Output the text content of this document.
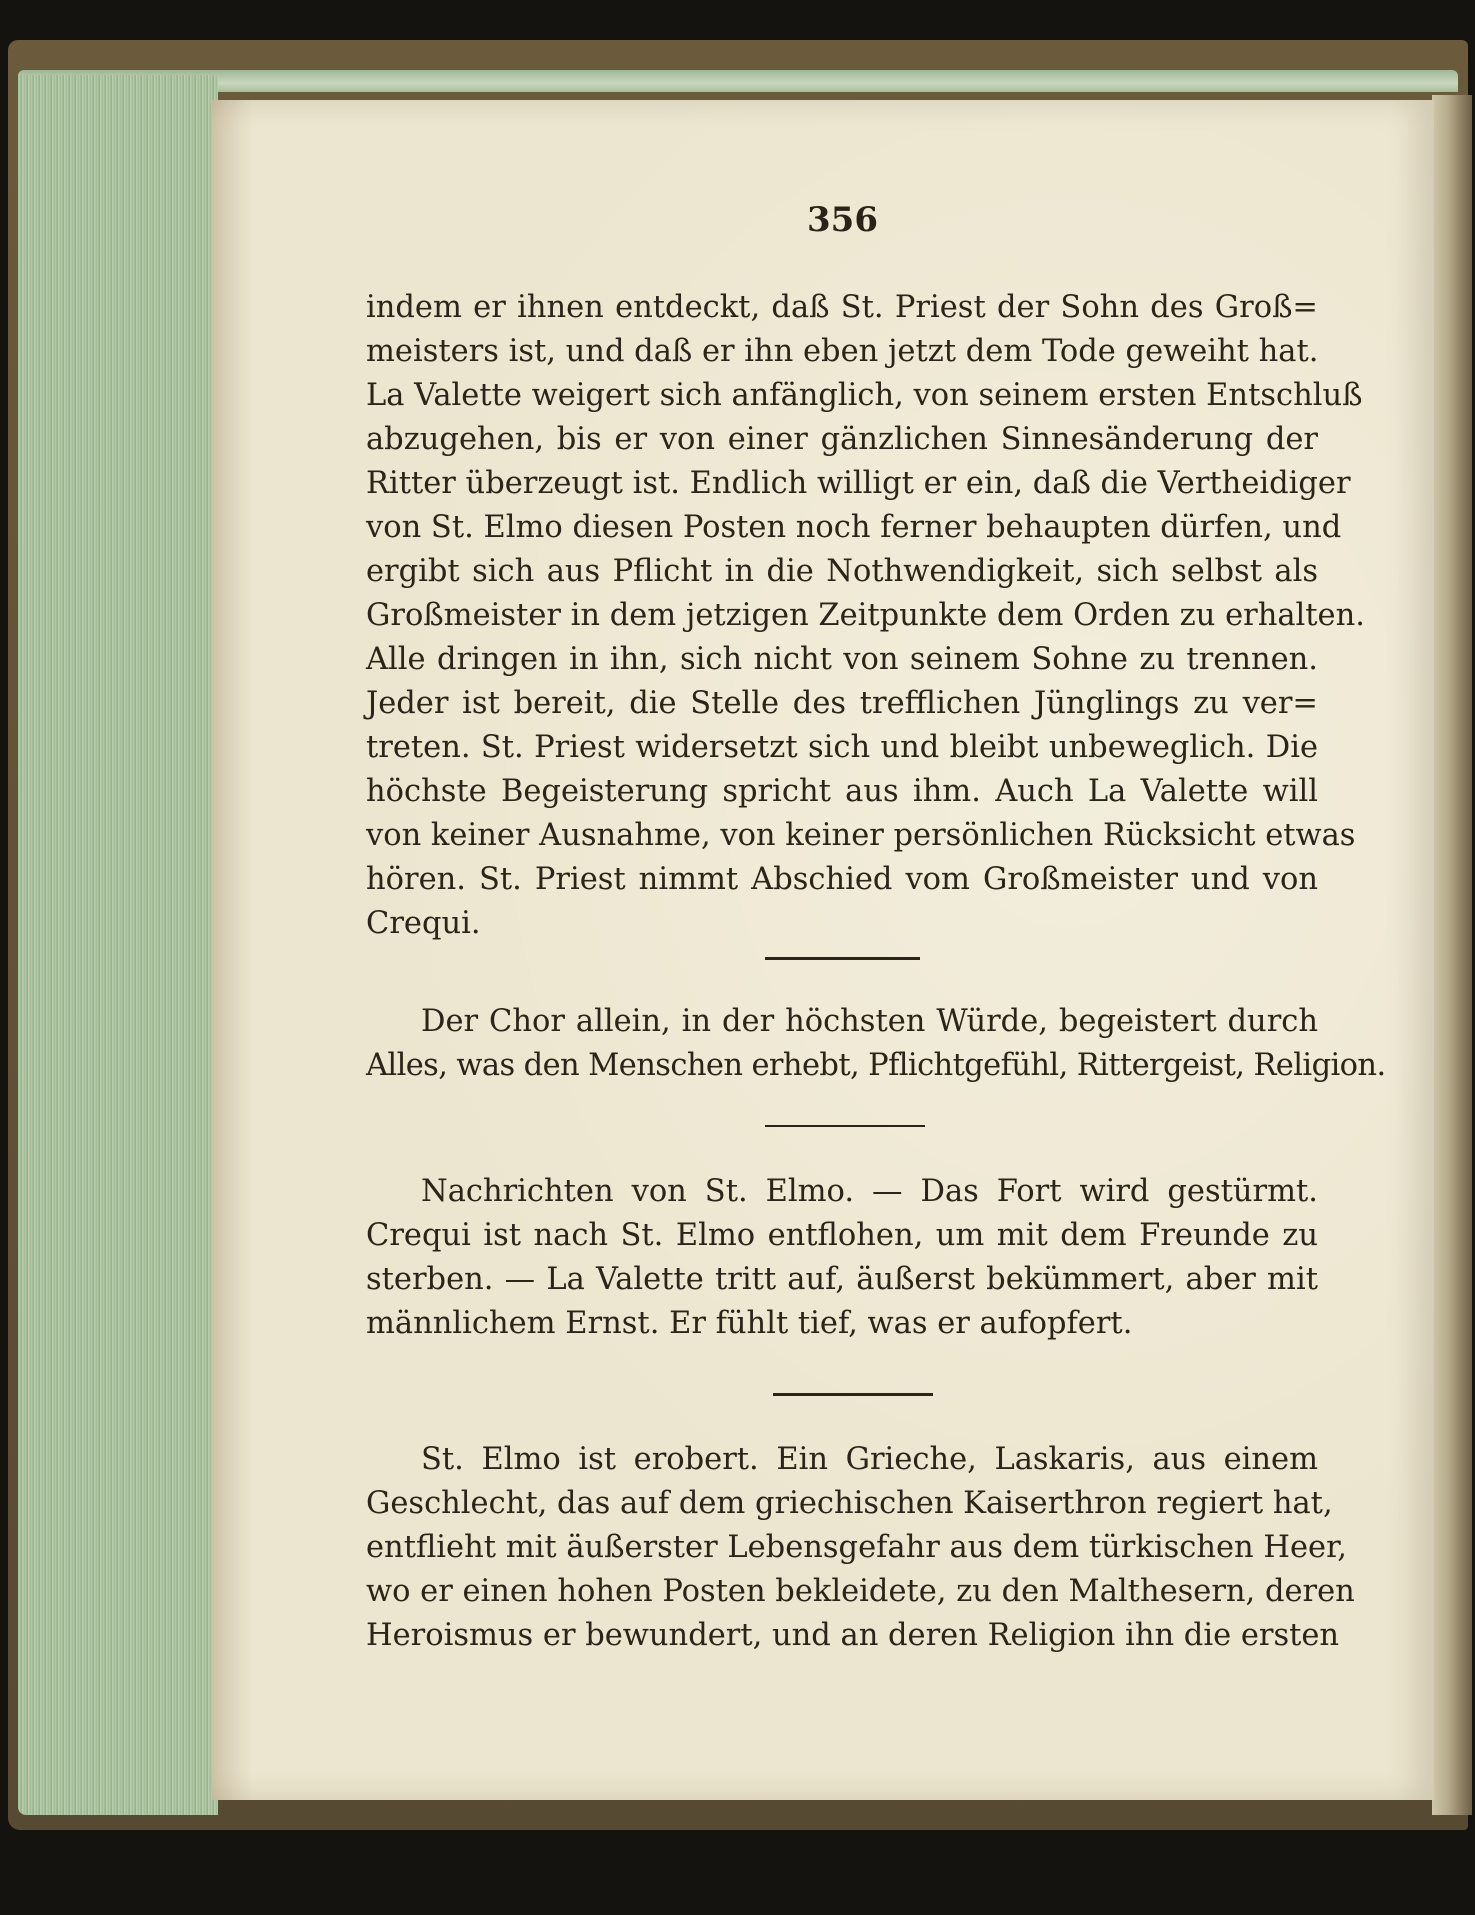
356
indem er ihnen entdeckt, daß St. Priest der Sohn des Groß=
meisters ist, und daß er ihn eben jetzt dem Tode geweiht hat.
La Valette weigert sich anfänglich, von seinem ersten Entschluß
abzugehen, bis er von einer gänzlichen Sinnesänderung der
Ritter überzeugt ist. Endlich willigt er ein, daß die Vertheidiger
von St. Elmo diesen Posten noch ferner behaupten dürfen, und
ergibt sich aus Pflicht in die Nothwendigkeit, sich selbst als
Großmeister in dem jetzigen Zeitpunkte dem Orden zu erhalten.
Alle dringen in ihn, sich nicht von seinem Sohne zu trennen.
Jeder ist bereit, die Stelle des trefflichen Jünglings zu ver=
treten. St. Priest widersetzt sich und bleibt unbeweglich. Die
höchste Begeisterung spricht aus ihm. Auch La Valette will
von keiner Ausnahme, von keiner persönlichen Rücksicht etwas
hören. St. Priest nimmt Abschied vom Großmeister und von
Crequi.
Der Chor allein, in der höchsten Würde, begeistert durch
Alles, was den Menschen erhebt, Pflichtgefühl, Rittergeist, Religion.
Nachrichten von St. Elmo. — Das Fort wird gestürmt.
Crequi ist nach St. Elmo entflohen, um mit dem Freunde zu
sterben. — La Valette tritt auf, äußerst bekümmert, aber mit
männlichem Ernst. Er fühlt tief, was er aufopfert.
St. Elmo ist erobert. Ein Grieche, Laskaris, aus einem
Geschlecht, das auf dem griechischen Kaiserthron regiert hat,
entflieht mit äußerster Lebensgefahr aus dem türkischen Heer,
wo er einen hohen Posten bekleidete, zu den Malthesern, deren
Heroismus er bewundert, und an deren Religion ihn die ersten
